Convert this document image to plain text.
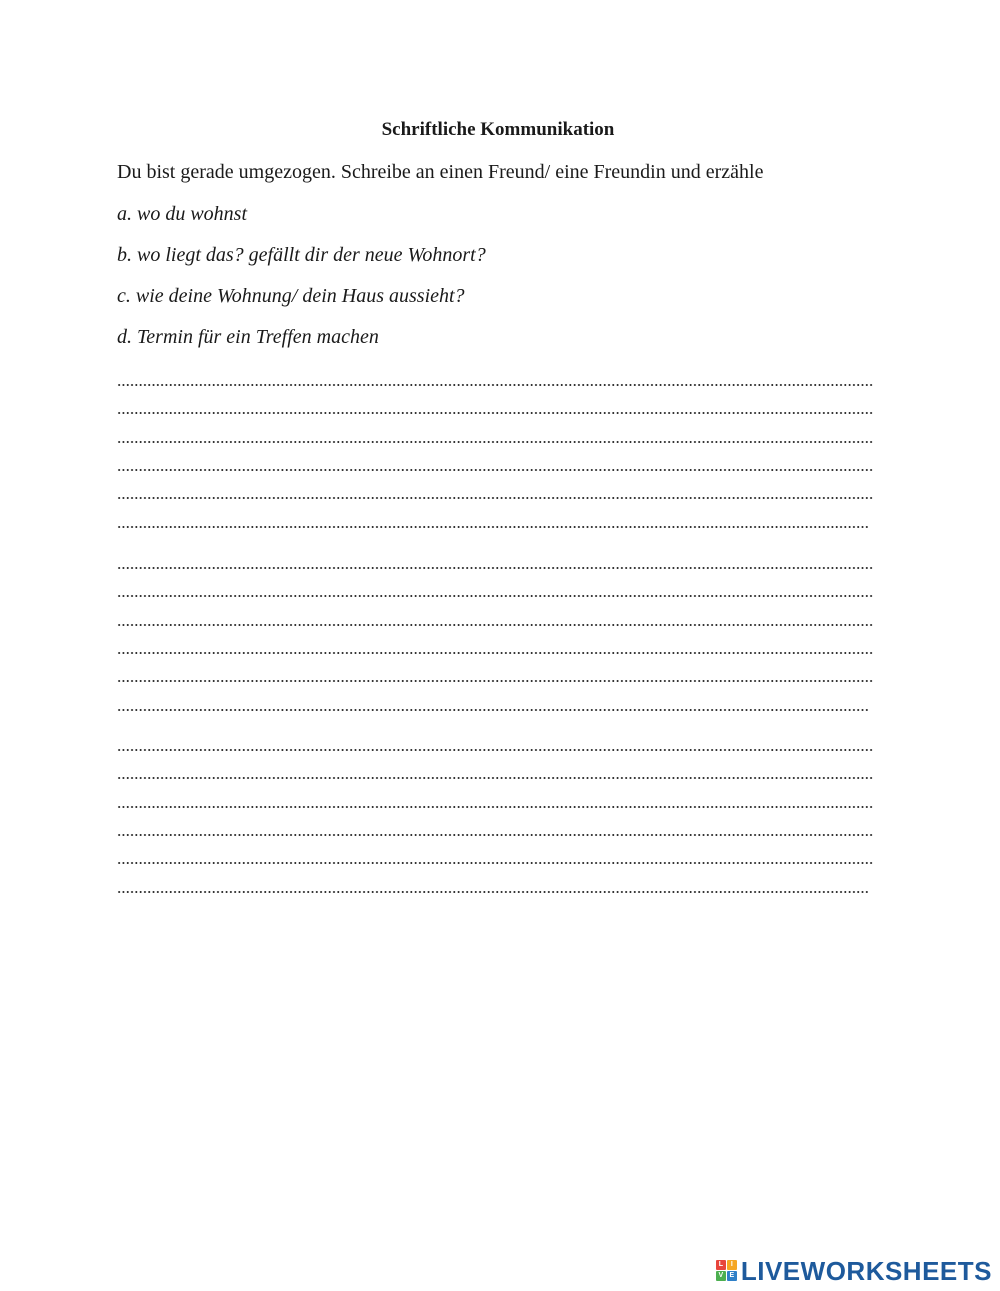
Schriftliche Kommunikation
Du bist gerade umgezogen. Schreibe an einen Freund/ eine Freundin und erzähle
a. wo du wohnst
b. wo liegt das? gefällt dir der neue Wohnort?
c. wie deine Wohnung/ dein Haus aussieht?
d. Termin für ein Treffen machen
L	I
V E LIVEWORKSHEETS
